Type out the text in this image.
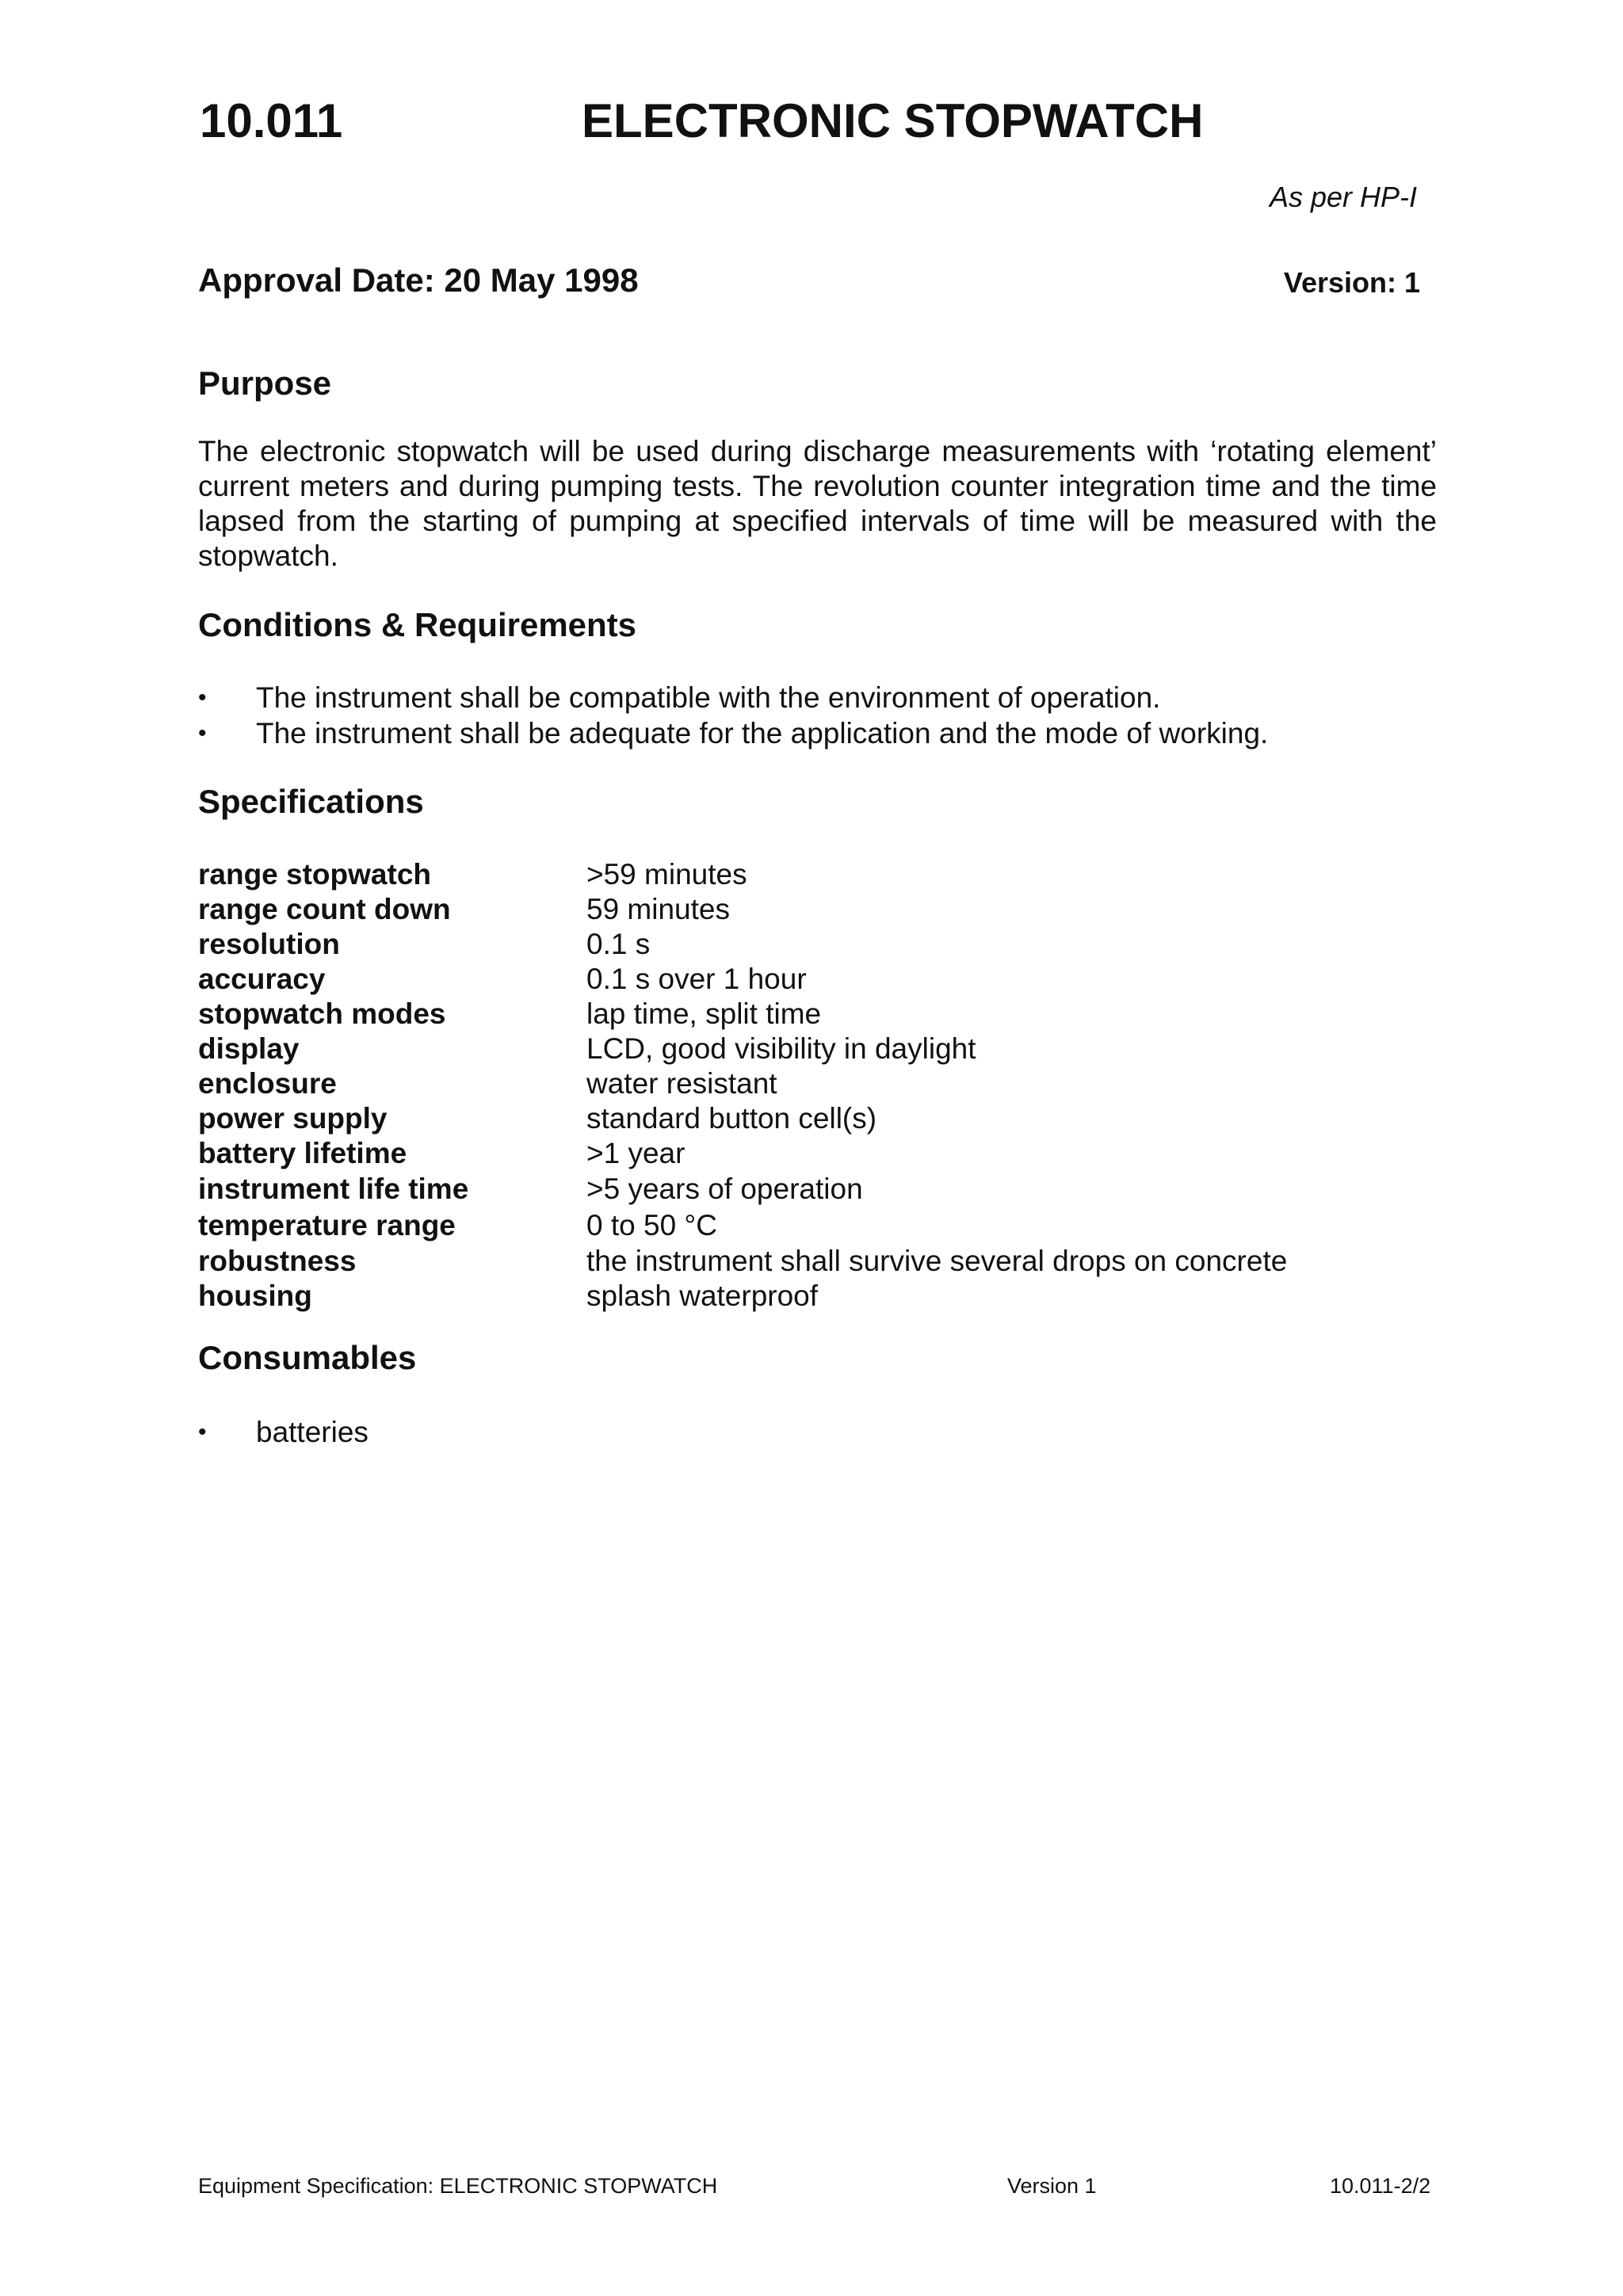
10.011	ELECTRONIC STOPWATCH
As per HP-I
Approval Date: 20 May 1998	Version: 1
Purpose
The electronic stopwatch will be used during discharge measurements with ‘rotating element’ current meters and during pumping tests. The revolution counter integration time and the time lapsed from the starting of pumping at specified intervals of time will be measured with the stopwatch.
Conditions & Requirements
• The instrument shall be compatible with the environment of operation.
• The instrument shall be adequate for the application and the mode of working.
Specifications
range stopwatch	>59 minutes
range count down	59 minutes
resolution	0.1 s
accuracy	0.1 s over 1 hour
stopwatch modes	lap time, split time
display	LCD, good visibility in daylight
enclosure	water resistant
power supply	standard button cell(s)
battery lifetime	>1 year
instrument life time	>5 years of operation
temperature range	0 to 50 °C
robustness	the instrument shall survive several drops on concrete
housing	splash waterproof
Consumables
• batteries
Equipment Specification: ELECTRONIC STOPWATCH	Version 1	10.011-2/2
